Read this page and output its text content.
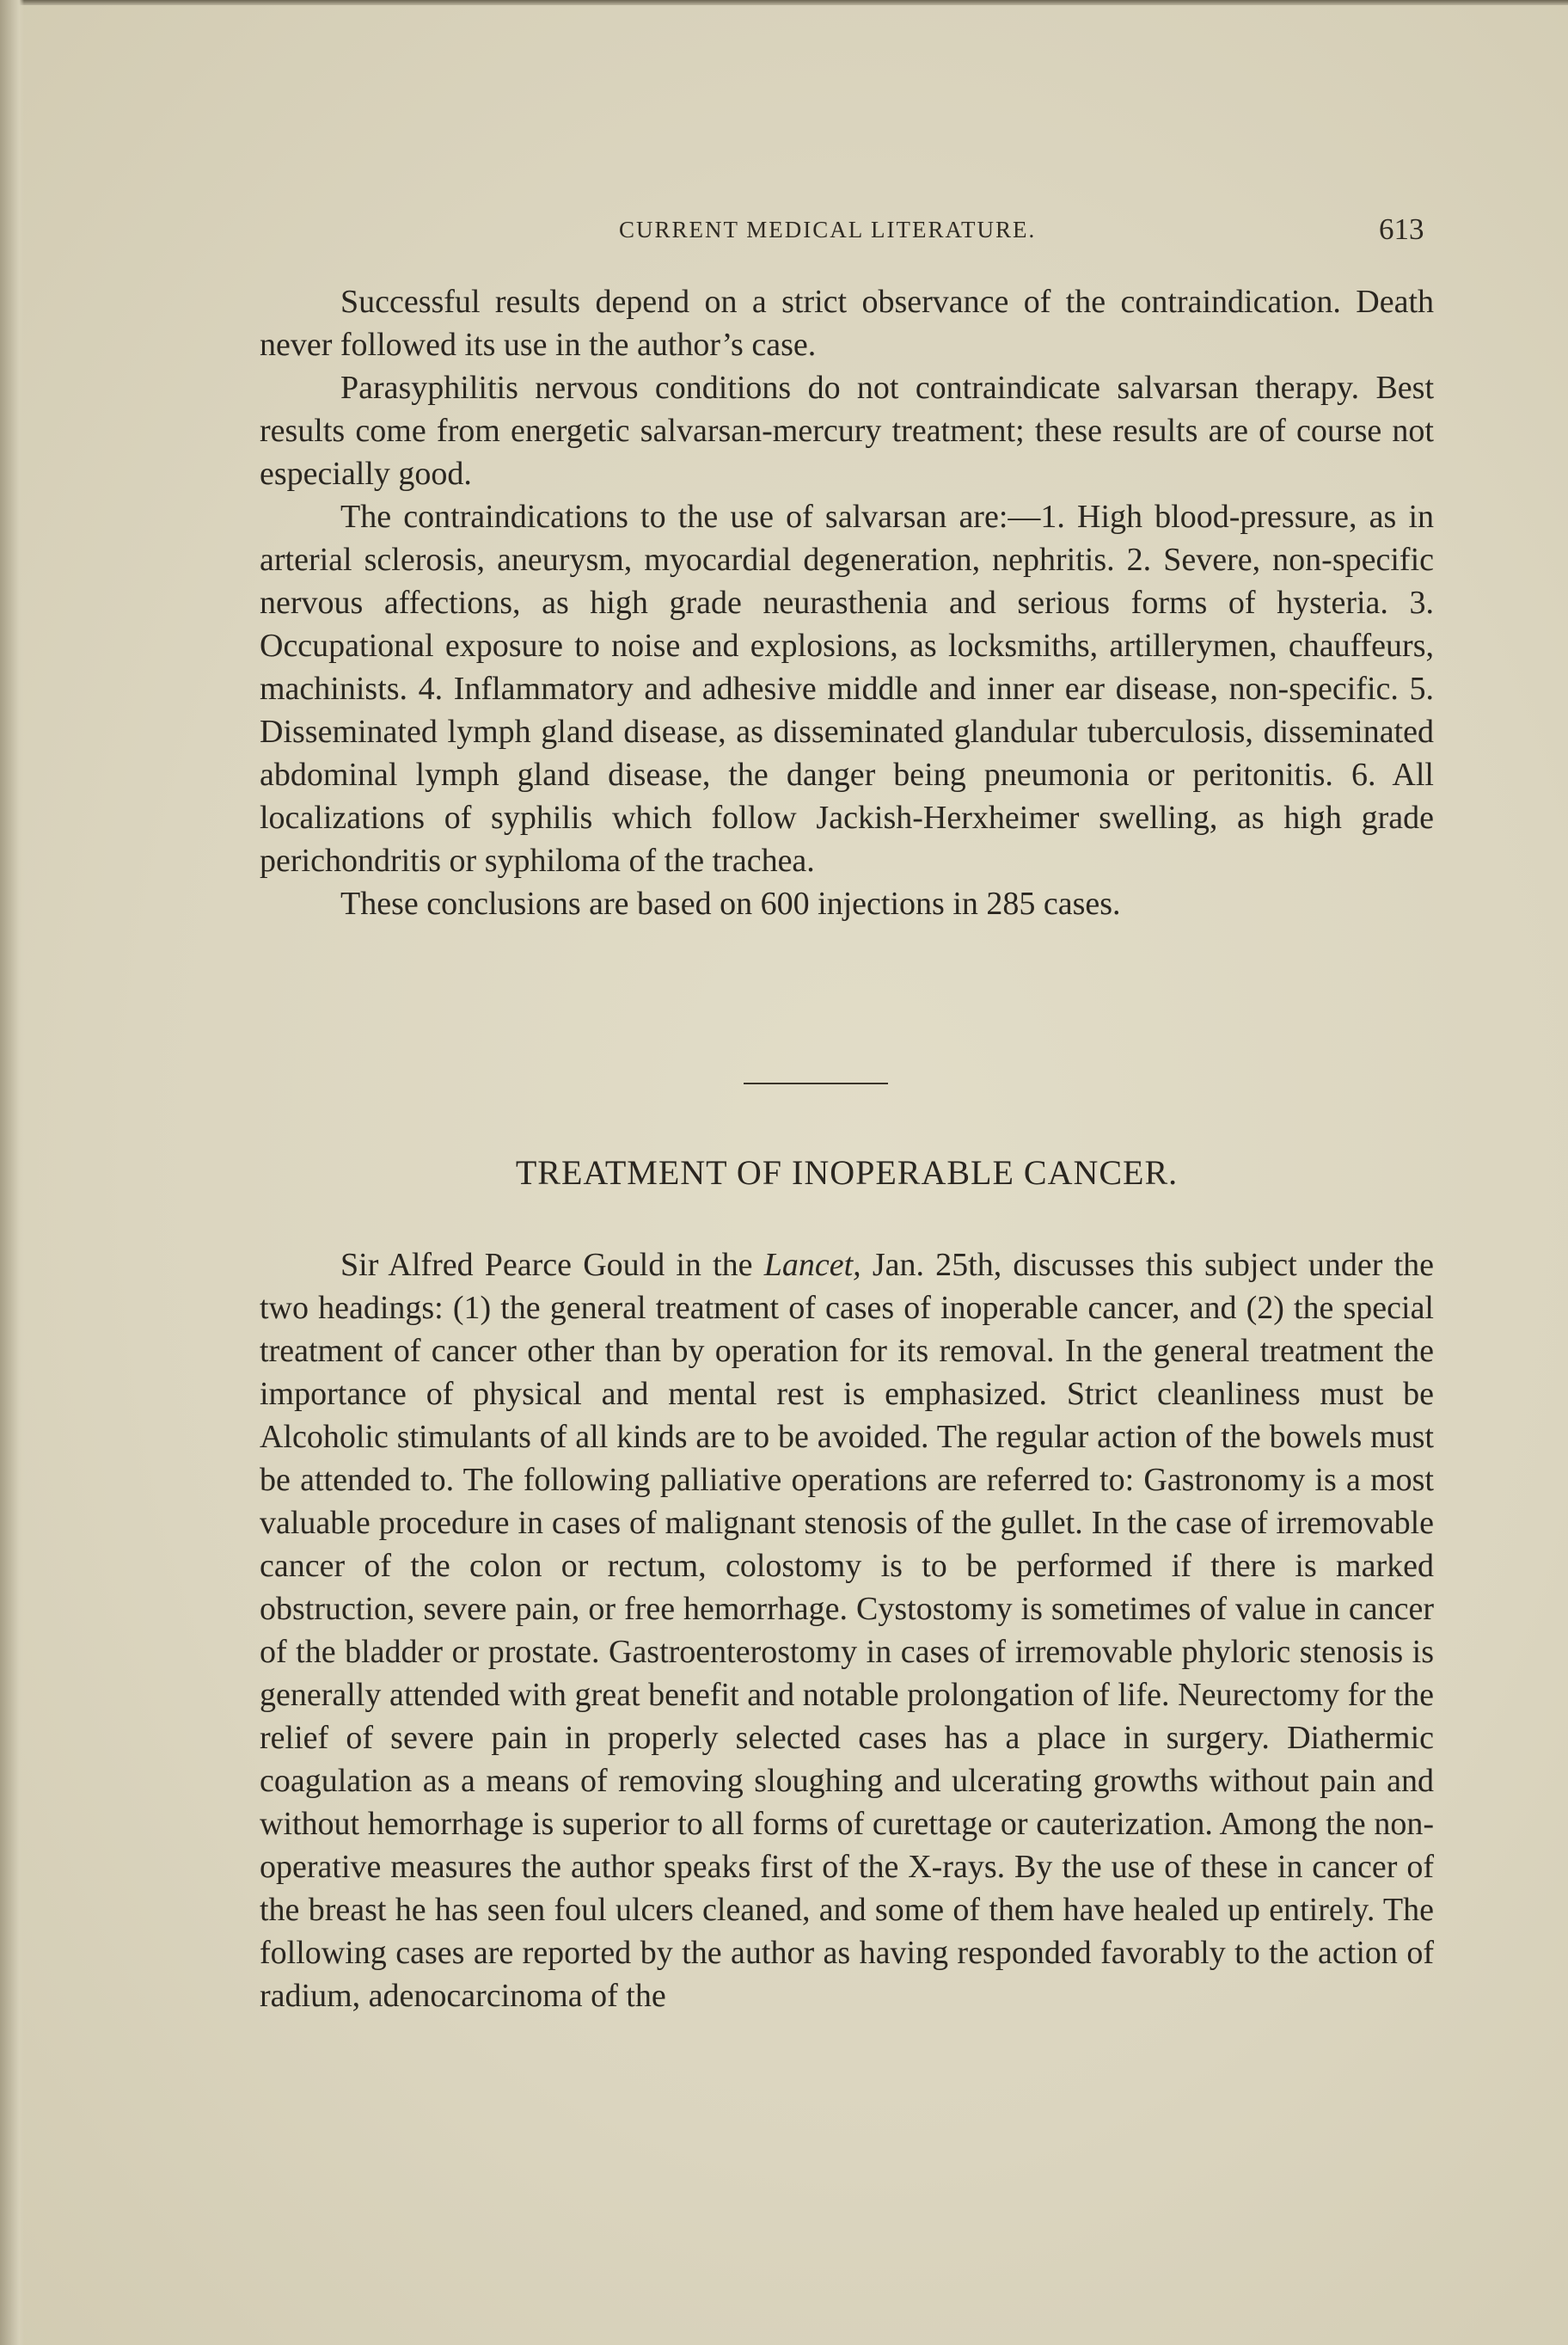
CURRENT MEDICAL LITERATURE.	613

Successful results depend on a strict observance of the contraindication. Death never followed its use in the author’s case.

Parasyphilitis nervous conditions do not contraindicate salvarsan therapy. Best results come from energetic salvarsan-mercury treatment; these results are of course not especially good.

The contraindications to the use of salvarsan are:—1. High blood-pressure, as in arterial sclerosis, aneurysm, myocardial degeneration, nephritis. 2. Severe, non-specific nervous affections, as high grade neurasthenia and serious forms of hysteria. 3. Occupational exposure to noise and explosions, as locksmiths, artillerymen, chauffeurs, machinists. 4. Inflammatory and adhesive middle and inner ear disease, non-specific. 5. Disseminated lymph gland disease, as disseminated glandular tuberculosis, disseminated abdominal lymph gland disease, the danger being pneumonia or peritonitis. 6. All localizations of syphilis which follow Jackish-Herxheimer swelling, as high grade perichondritis or syphiloma of the trachea.

These conclusions are based on 600 injections in 285 cases.

TREATMENT OF INOPERABLE CANCER.

Sir Alfred Pearce Gould in the Lancet, Jan. 25th, discusses this subject under the two headings: (1) the general treatment of cases of inoperable cancer, and (2) the special treatment of cancer other than by operation for its removal. In the general treatment the importance of physical and mental rest is emphasized. Strict cleanliness must be Alcoholic stimulants of all kinds are to be avoided. The regular action of the bowels must be attended to. The following palliative operations are referred to: Gastronomy is a most valuable procedure in cases of malignant stenosis of the gullet. In the case of irremovable cancer of the colon or rectum, colostomy is to be performed if there is marked obstruction, severe pain, or free hemorrhage. Cystostomy is sometimes of value in cancer of the bladder or prostate. Gastroenterostomy in cases of irremovable phyloric stenosis is generally attended with great benefit and notable prolongation of life. Neurectomy for the relief of severe pain in properly selected cases has a place in surgery. Diathermic coagulation as a means of removing sloughing and ulcerating growths without pain and without hemorrhage is superior to all forms of curettage or cauterization. Among the non-operative measures the author speaks first of the X-rays. By the use of these in cancer of the breast he has seen foul ulcers cleaned, and some of them have healed up entirely. The following cases are reported by the author as having responded favorably to the action of radium, adenocarcinoma of the
